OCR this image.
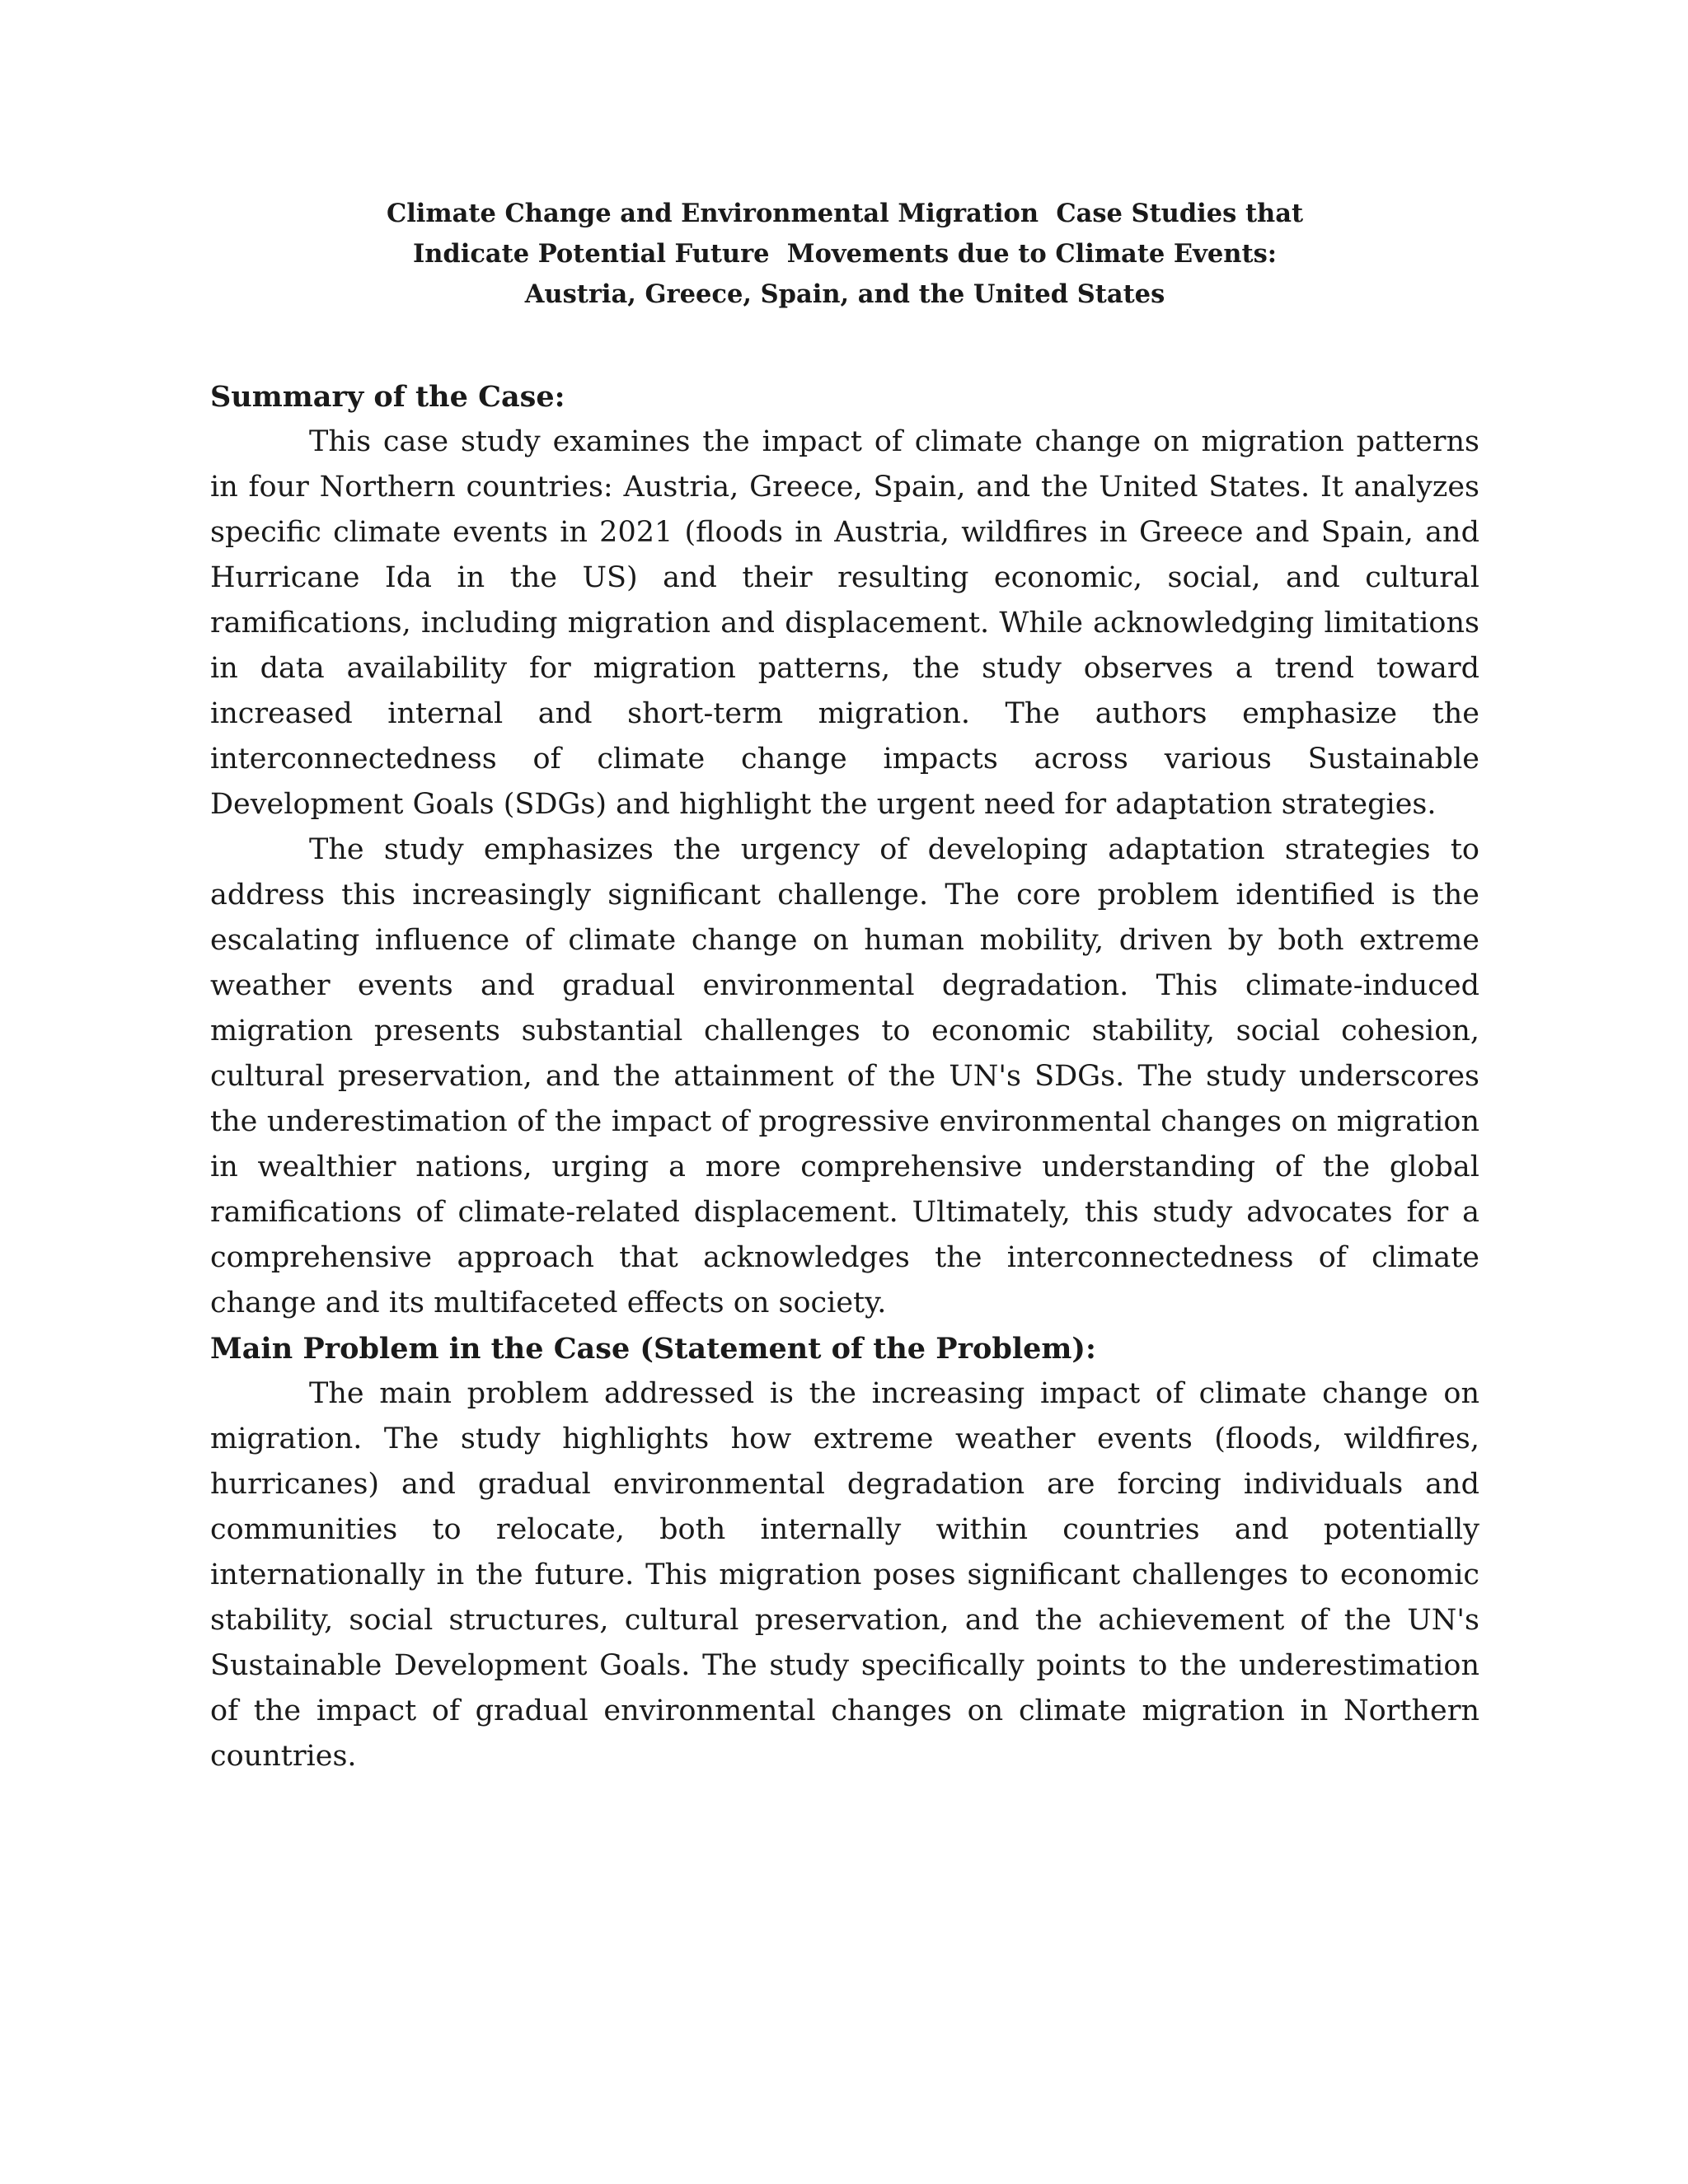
Climate Change and Environmental Migration  Case Studies that
Indicate Potential Future  Movements due to Climate Events:
Austria, Greece, Spain, and the United States
Summary of the Case:

This case study examines the impact of climate change on migration patterns in four Northern countries: Austria, Greece, Spain, and the United States. It analyzes specific climate events in 2021 (floods in Austria, wildfires in Greece and Spain, and Hurricane Ida in the US) and their resulting economic, social, and cultural ramifications, including migration and displacement. While acknowledging limitations in data availability for migration patterns, the study observes a trend toward increased internal and short-term migration. The authors emphasize the interconnectedness of climate change impacts across various Sustainable Development Goals (SDGs) and highlight the urgent need for adaptation strategies.

The study emphasizes the urgency of developing adaptation strategies to address this increasingly significant challenge. The core problem identified is the escalating influence of climate change on human mobility, driven by both extreme weather events and gradual environmental degradation. This climate-induced migration presents substantial challenges to economic stability, social cohesion, cultural preservation, and the attainment of the UN's SDGs. The study underscores the underestimation of the impact of progressive environmental changes on migration in wealthier nations, urging a more comprehensive understanding of the global ramifications of climate-related displacement. Ultimately, this study advocates for a comprehensive approach that acknowledges the interconnectedness of climate change and its multifaceted effects on society.

Main Problem in the Case (Statement of the Problem):

The main problem addressed is the increasing impact of climate change on migration. The study highlights how extreme weather events (floods, wildfires, hurricanes) and gradual environmental degradation are forcing individuals and communities to relocate, both internally within countries and potentially internationally in the future. This migration poses significant challenges to economic stability, social structures, cultural preservation, and the achievement of the UN's Sustainable Development Goals. The study specifically points to the underestimation of the impact of gradual environmental changes on climate migration in Northern countries.
